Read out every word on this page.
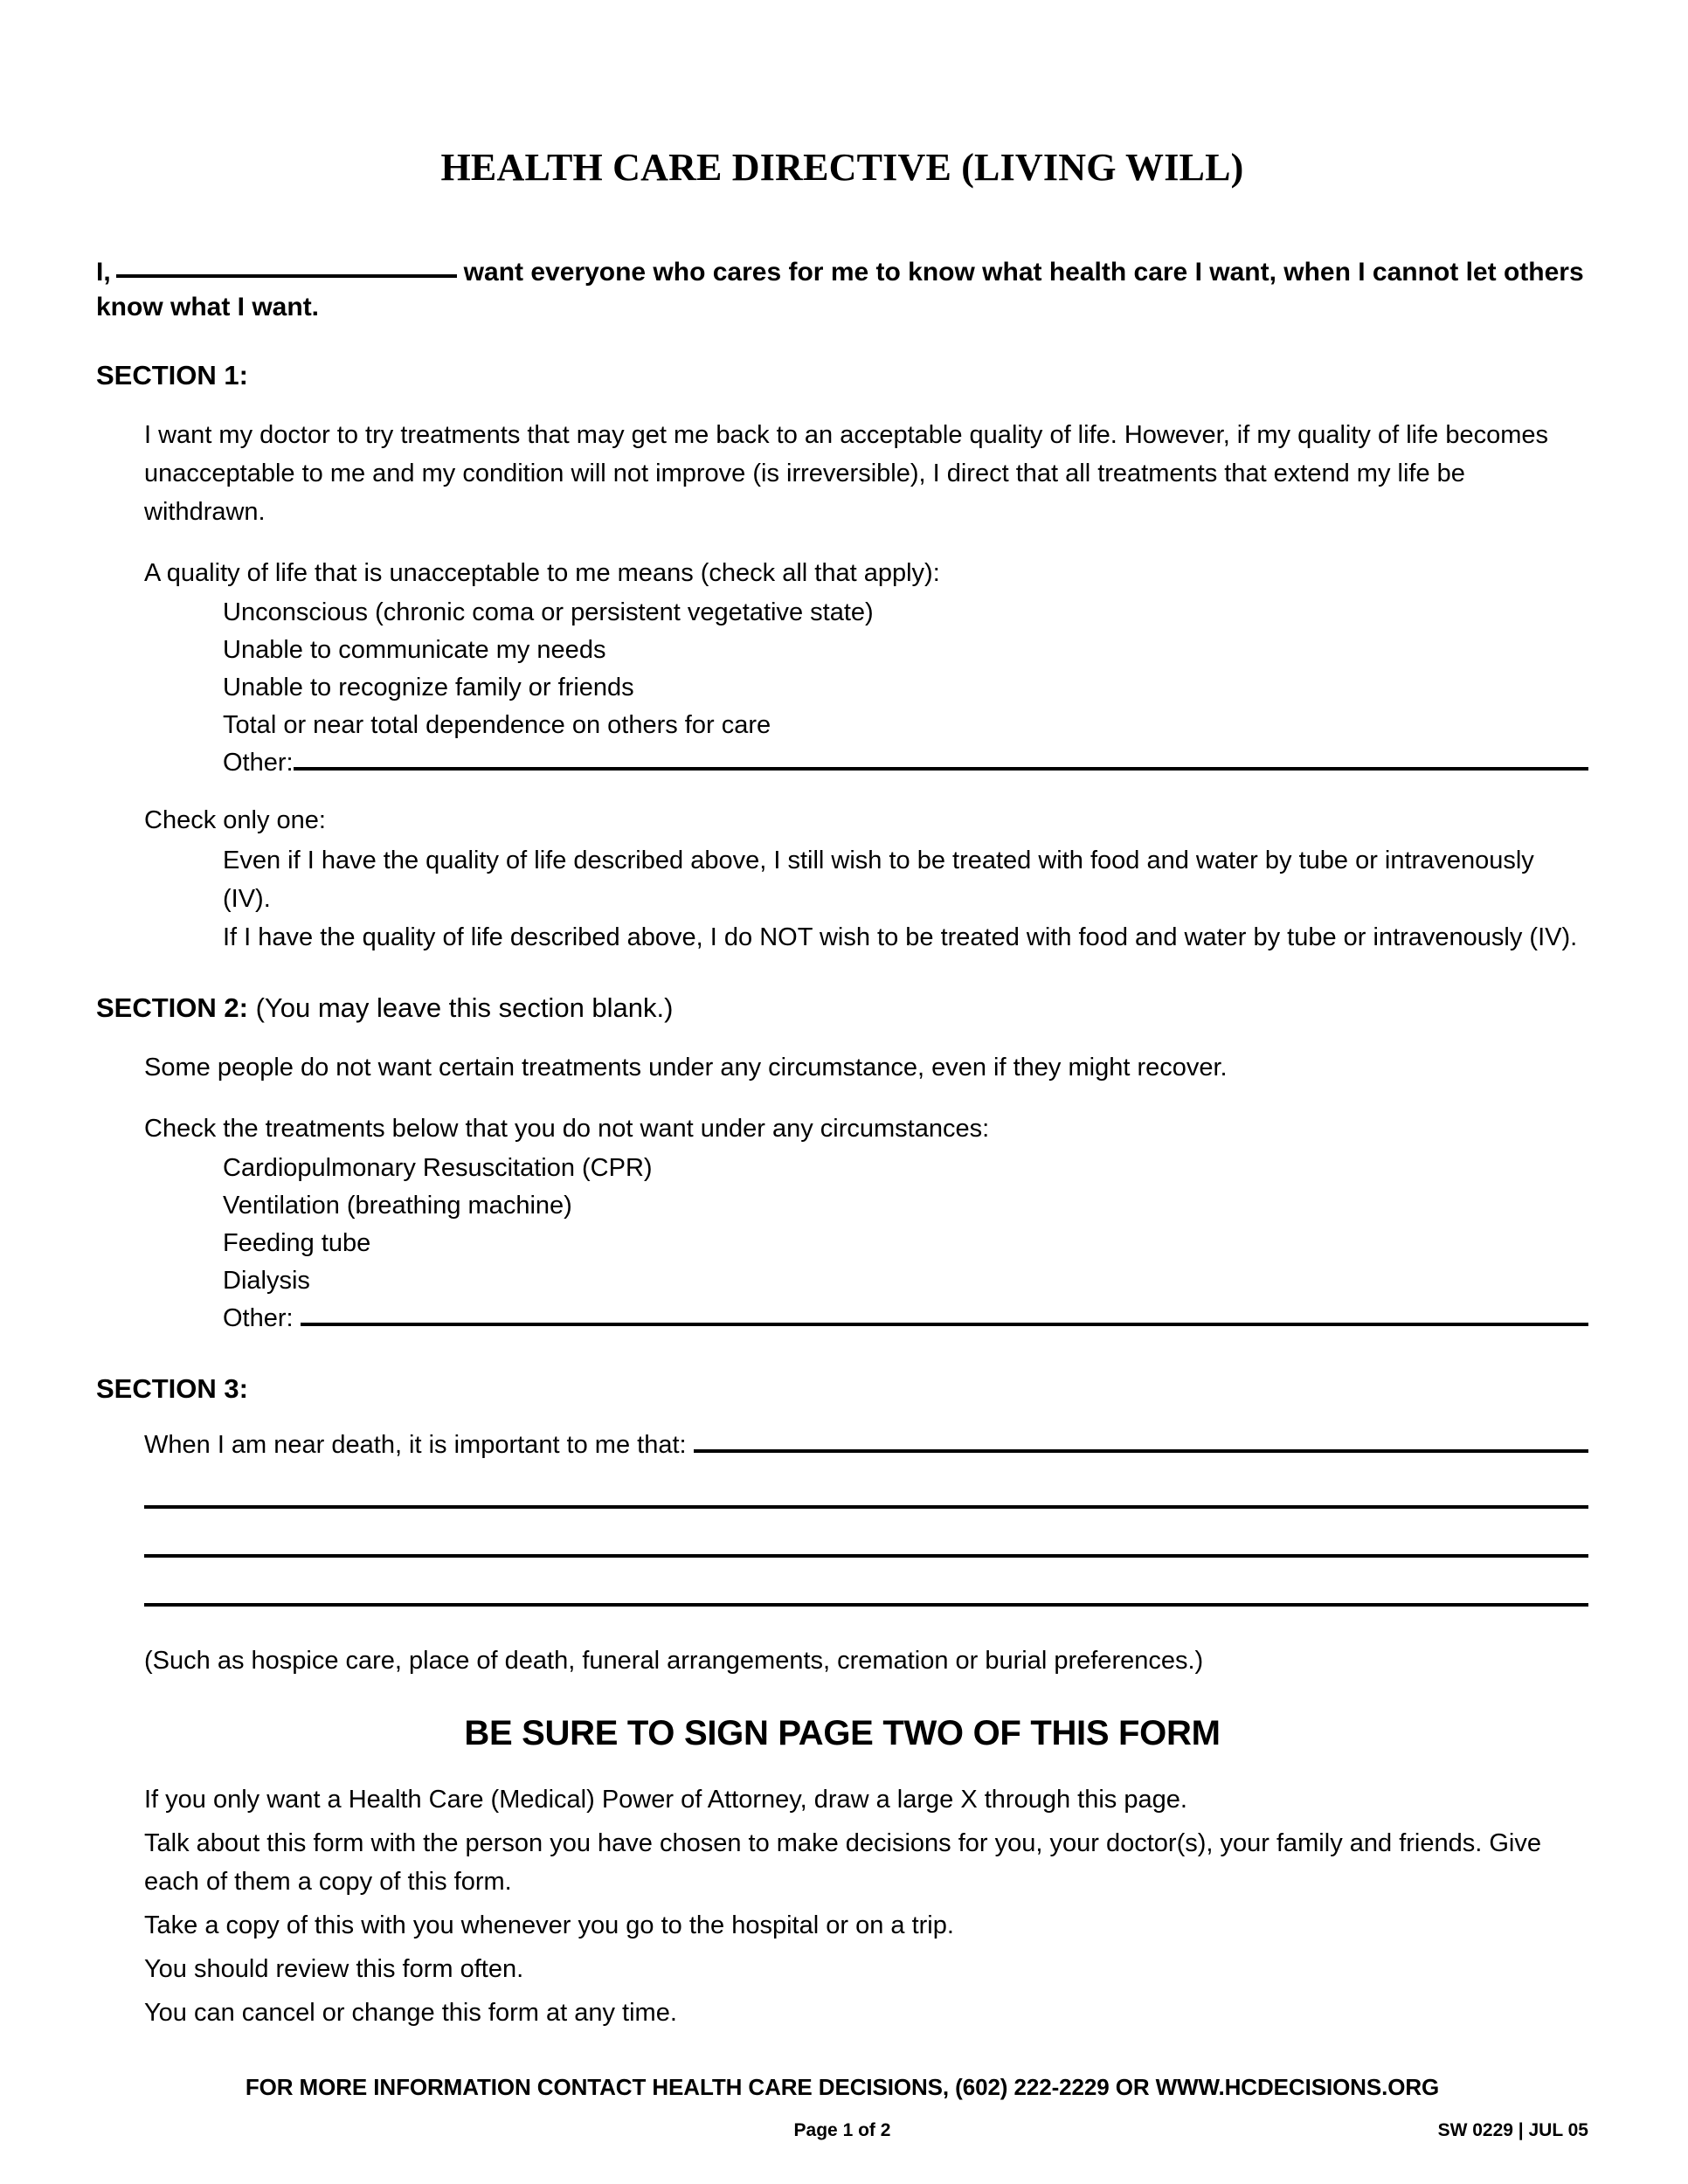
HEALTH CARE DIRECTIVE (LIVING WILL)
I,	want everyone who cares for me to know what health care I want, when I cannot let others know what I want.
SECTION 1:
I want my doctor to try treatments that may get me back to an acceptable quality of life. However, if my quality of life becomes unacceptable to me and my condition will not improve (is irreversible), I direct that all treatments that extend my life be withdrawn.
A quality of life that is unacceptable to me means (check all that apply):
Unconscious (chronic coma or persistent vegetative state)
Unable to communicate my needs
Unable to recognize family or friends
Total or near total dependence on others for care
Other:
Check only one:
Even if I have the quality of life described above, I still wish to be treated with food and water by tube or intravenously (IV).
If I have the quality of life described above, I do NOT wish to be treated with food and water by tube or intravenously (IV).
SECTION 2: (You may leave this section blank.)
Some people do not want certain treatments under any circumstance, even if they might recover.
Check the treatments below that you do not want under any circumstances:
Cardiopulmonary Resuscitation (CPR)
Ventilation (breathing machine)
Feeding tube
Dialysis
Other:
SECTION 3:
When I am near death, it is important to me that:
(Such as hospice care, place of death, funeral arrangements, cremation or burial preferences.)
BE SURE TO SIGN PAGE TWO OF THIS FORM
If you only want a Health Care (Medical) Power of Attorney, draw a large X through this page.
Talk about this form with the person you have chosen to make decisions for you, your doctor(s), your family and friends. Give each of them a copy of this form.
Take a copy of this with you whenever you go to the hospital or on a trip.
You should review this form often.
You can cancel or change this form at any time.
FOR MORE INFORMATION CONTACT HEALTH CARE DECISIONS, (602) 222-2229 OR WWW.HCDECISIONS.ORG
Page 1 of 2	SW 0229 | JUL 05
